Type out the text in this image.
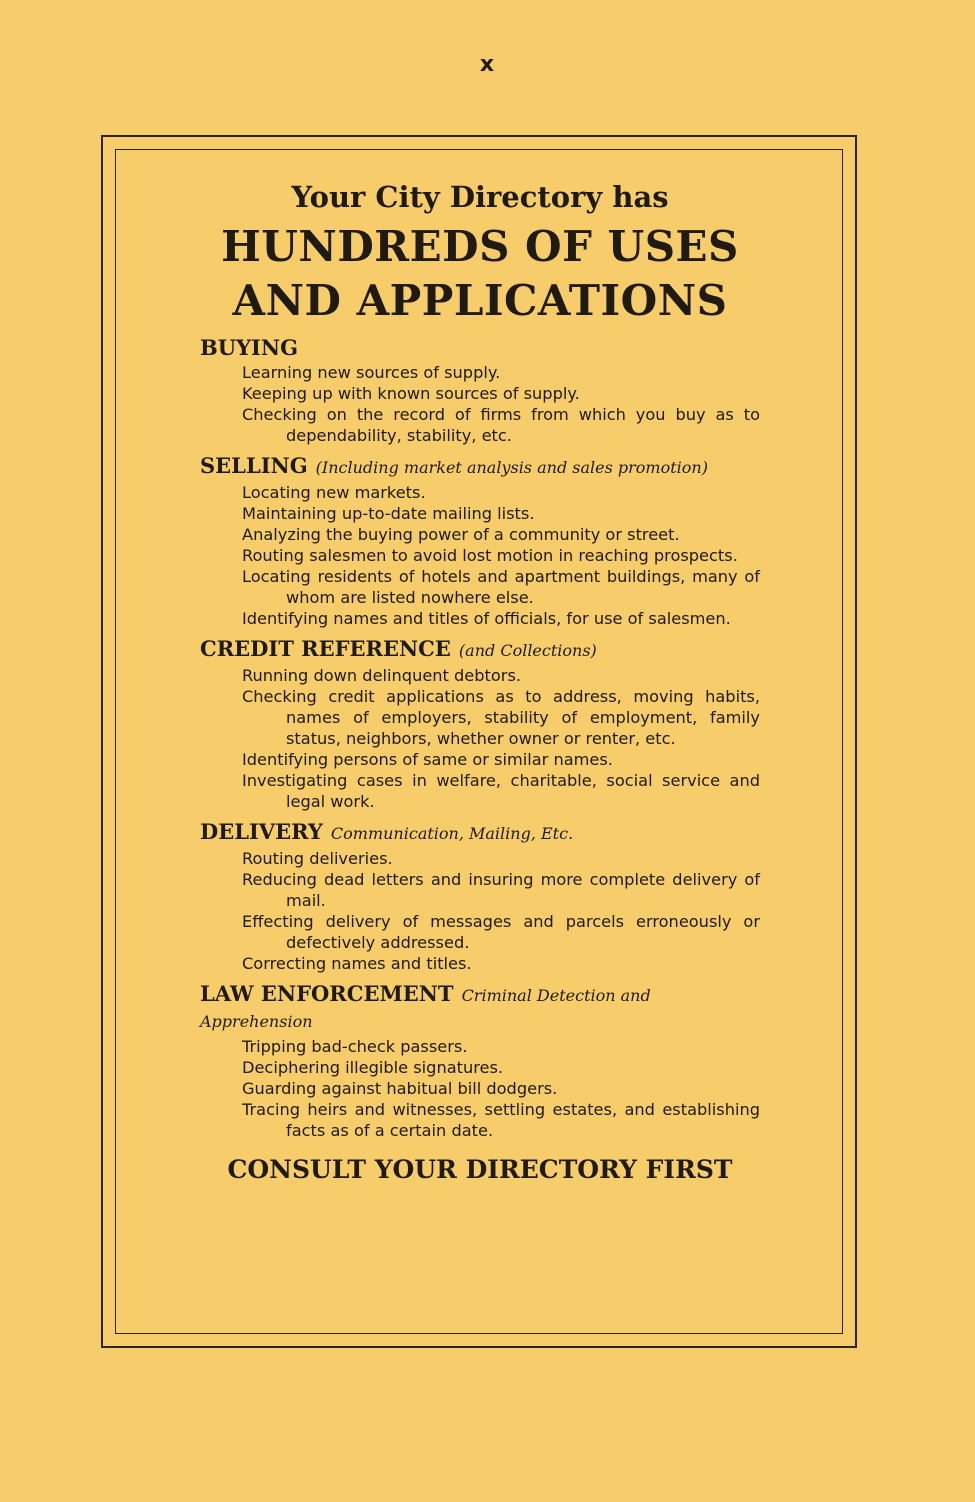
x
Your City Directory has
HUNDREDS OF USES
AND APPLICATIONS
BUYING
Learning new sources of supply.
Keeping up with known sources of supply.
Checking on the record of firms from which you buy as to dependability, stability, etc.
SELLING (Including market analysis and sales promotion)
Locating new markets.
Maintaining up-to-date mailing lists.
Analyzing the buying power of a community or street.
Routing salesmen to avoid lost motion in reaching prospects.
Locating residents of hotels and apartment buildings, many of whom are listed nowhere else.
Identifying names and titles of officials, for use of salesmen.
CREDIT REFERENCE (and Collections)
Running down delinquent debtors.
Checking credit applications as to address, moving habits, names of employers, stability of employment, family status, neighbors, whether owner or renter, etc.
Identifying persons of same or similar names.
Investigating cases in welfare, charitable, social service and legal work.
DELIVERY Communication, Mailing, Etc.
Routing deliveries.
Reducing dead letters and insuring more complete delivery of mail.
Effecting delivery of messages and parcels erroneously or defectively addressed.
Correcting names and titles.
LAW ENFORCEMENT Criminal Detection and Apprehension
Tripping bad-check passers.
Deciphering illegible signatures.
Guarding against habitual bill dodgers.
Tracing heirs and witnesses, settling estates, and establishing facts as of a certain date.
CONSULT YOUR DIRECTORY FIRST
